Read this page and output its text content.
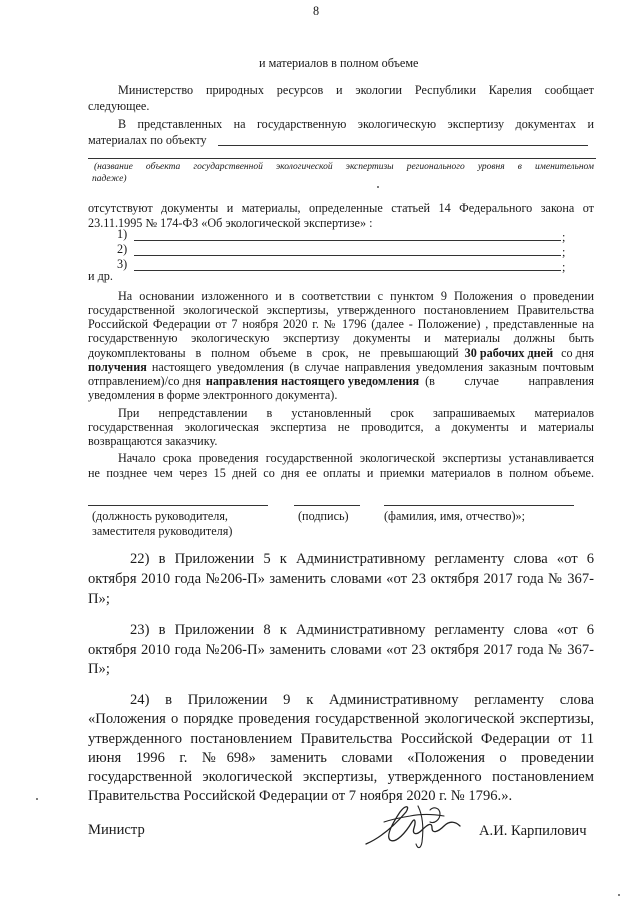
8
и материалов в полном объеме
Министерство природных ресурсов и экологии Республики Карелия сообщает
следующее.
В представленных на государственную экологическую экспертизу документах и
материалах по объекту
(название объекта государственной экологической экспертизы регионального уровня в именительном
падеже)
отсутствуют документы и материалы, определенные статьей 14 Федерального закона от
23.11.1995 № 174-ФЗ «Об экологической экспертизе» :
1)	;
2)	;
3)	;
и др.
На основании изложенного и в соответствии с пунктом 9 Положения о проведении
государственной экологической экспертизы, утвержденного постановлением Правительства
Российской Федерации от 7 ноября 2020 г. № 1796 (далее - Положение) , представленные на
государственную экологическую экспертизу документы и материалы должны быть
доукомплектованы в полном объеме в срок, не превышающий 30 рабочих дней со дня
получения настоящего уведомления (в случае направления уведомления заказным почтовым
отправлением)/со дня направления настоящего уведомления (в случае направления
уведомления в форме электронного документа).
При непредставлении в установленный срок запрашиваемых материалов
государственная экологическая экспертиза не проводится, а документы и материалы
возвращаются заказчику.
Начало срока проведения государственной экологической экспертизы устанавливается
не позднее чем через 15 дней со дня ее оплаты и приемки материалов в полном объеме.
(должность руководителя,
заместителя руководителя)
(подпись)	(фамилия, имя, отчество)»;
22) в Приложении 5 к Административному регламенту слова «от 6
октября 2010 года №206-П» заменить словами «от 23 октября 2017 года № 367-
П»;
23) в Приложении 8 к Административному регламенту слова «от 6
октября 2010 года №206-П» заменить словами «от 23 октября 2017 года № 367-
П»;
24) в Приложении 9 к Административному регламенту слова
«Положения о порядке проведения государственной экологической экспертизы,
утвержденного постановлением Правительства Российской Федерации от 11
июня 1996 г. №698» заменить словами «Положения о проведении
государственной экологической экспертизы, утвержденного постановлением
Правительства Российской Федерации от 7 ноября 2020 г. № 1796.».
Министр	А.И. Карпилович
